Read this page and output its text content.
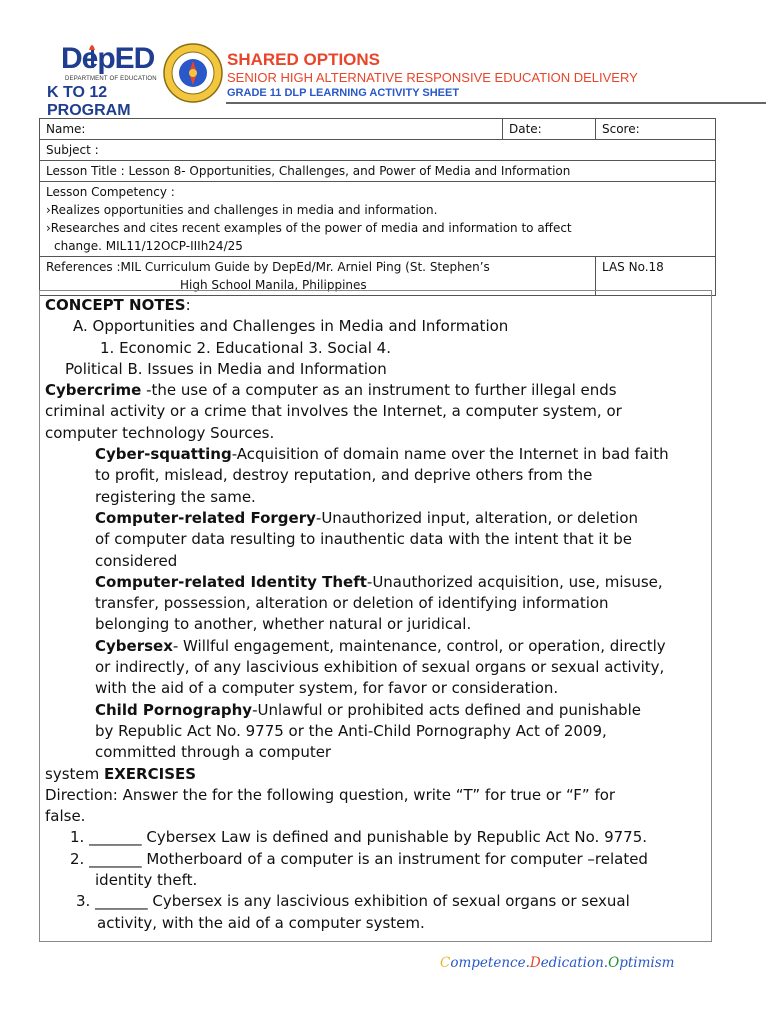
DepED
DEPARTMENT OF EDUCATION
K TO 12 PROGRAM
SHARED OPTIONS
SENIOR HIGH ALTERNATIVE RESPONSIVE EDUCATION DELIVERY
GRADE 11 DLP LEARNING ACTIVITY SHEET
Name:	Date:	Score:
Subject :		
Lesson Title : Lesson 8- Opportunities, Challenges, and Power of Media and Information		

Lesson Competency :
›Realizes opportunities and challenges in media and information.
›Researches and cites recent examples of the power of media and information to affect
change. MIL11/12OCP-IIIh24/25		

References :MIL Curriculum Guide by DepEd/Mr. Arniel Ping (St. Stephen’s
High School Manila, Philippines		LAS No.18

CONCEPT NOTES:

A. Opportunities and Challenges in Media and Information

1. Economic 2. Educational 3. Social 4.

Political B. Issues in Media and Information

Cybercrime -the use of a computer as an instrument to further illegal ends

criminal activity or a crime that involves the Internet, a computer system, or

computer technology Sources.

Cyber-squatting-Acquisition of domain name over the Internet in bad faith

to profit, mislead, destroy reputation, and deprive others from the

registering the same.

Computer-related Forgery-Unauthorized input, alteration, or deletion

of computer data resulting to inauthentic data with the intent that it be

considered

Computer-related Identity Theft-Unauthorized acquisition, use, misuse,

transfer, possession, alteration or deletion of identifying information

belonging to another, whether natural or juridical.

Cybersex- Willful engagement, maintenance, control, or operation, directly

or indirectly, of any lascivious exhibition of sexual organs or sexual activity,

with the aid of a computer system, for favor or consideration.

Child Pornography-Unlawful or prohibited acts defined and punishable

by Republic Act No. 9775 or the Anti-Child Pornography Act of 2009,

committed through a computer

system EXERCISES

Direction: Answer the for the following question, write “T” for true or “F” for

false.

1. _______ Cybersex Law is defined and punishable by Republic Act No. 9775.

2. _______ Motherboard of a computer is an instrument for computer –related

identity theft.

3. _______ Cybersex is any lascivious exhibition of sexual organs or sexual

activity, with the aid of a computer system.

Competence.Dedication.Optimism
